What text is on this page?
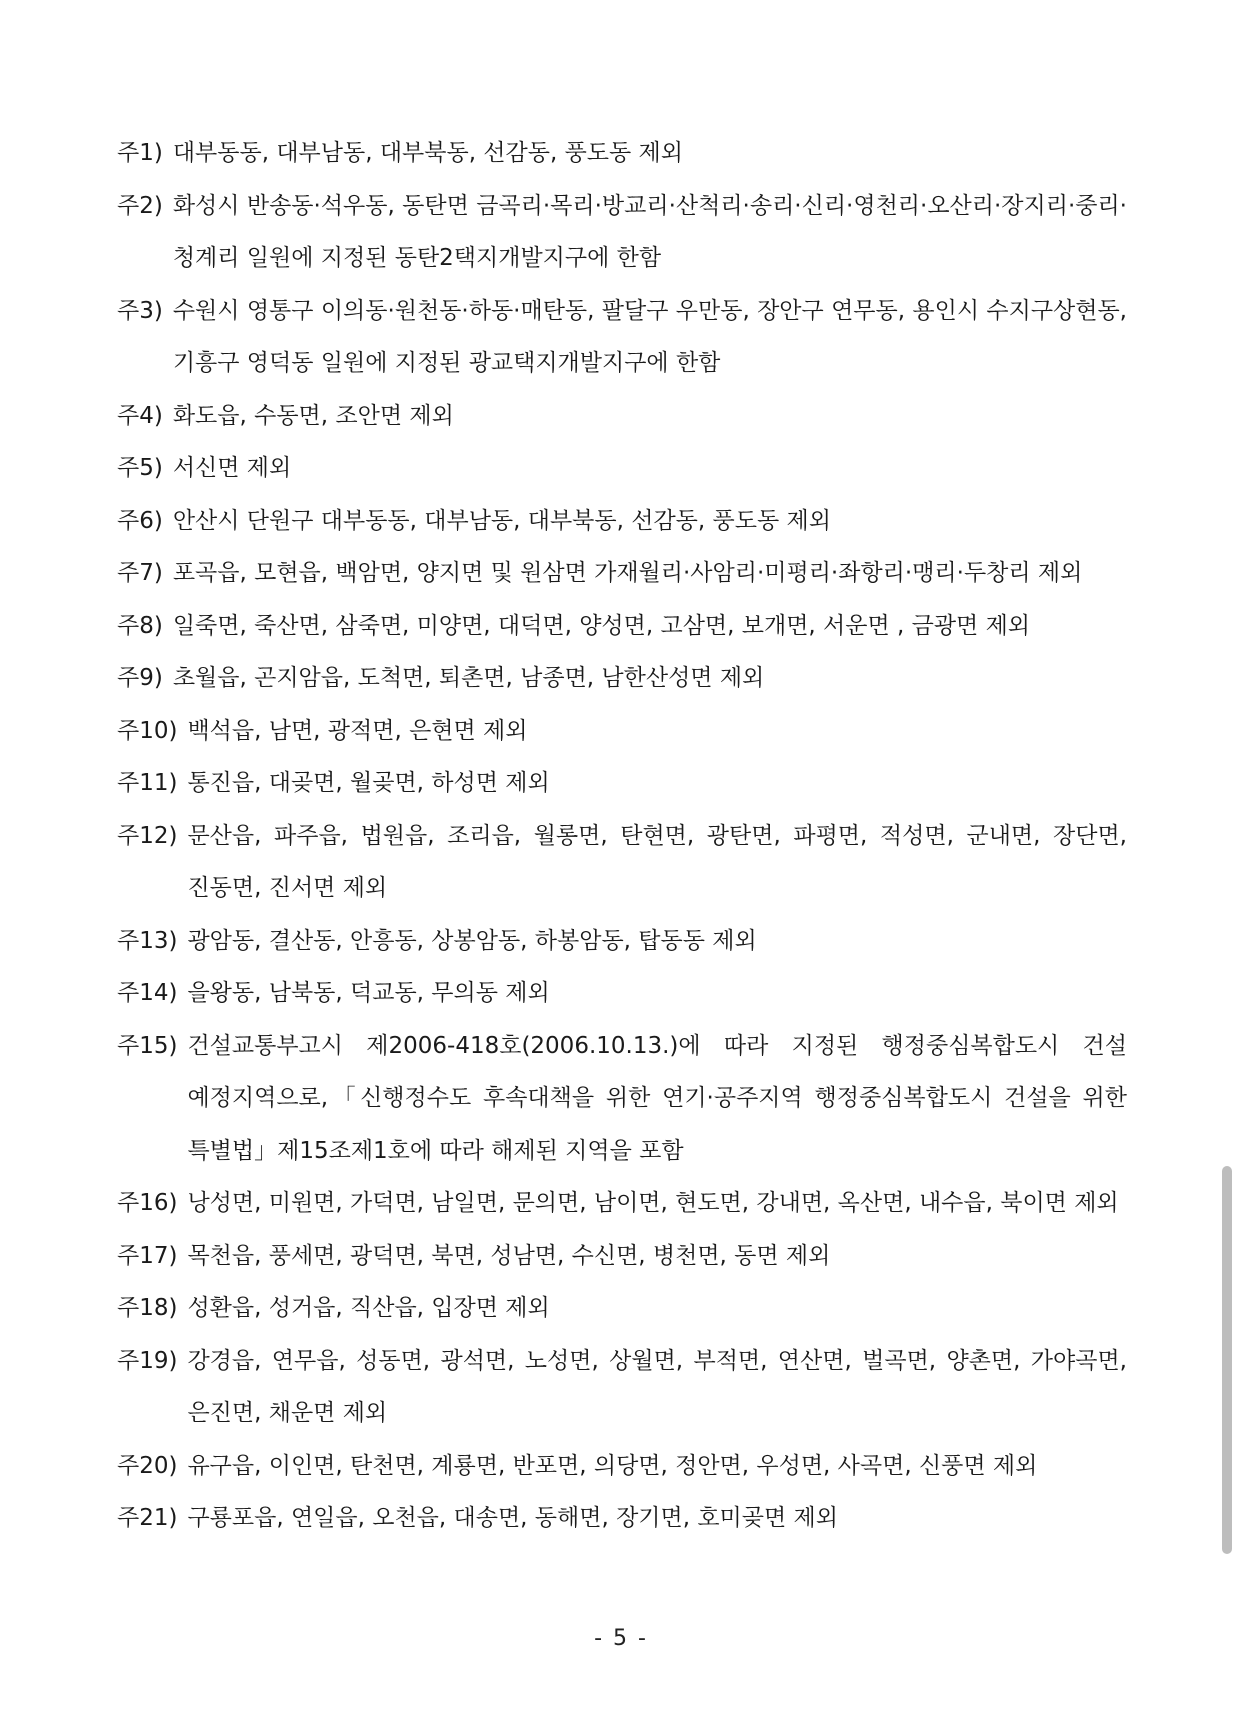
주1) 대부동동, 대부남동, 대부북동, 선감동, 풍도동 제외
주2) 화성시 반송동·석우동, 동탄면 금곡리·목리·방교리·산척리·송리·신리·영천리·오산리·장지리·중리·청계리 일원에 지정된 동탄2택지개발지구에 한함
주3) 수원시 영통구 이의동·원천동·하동·매탄동, 팔달구 우만동, 장안구 연무동, 용인시 수지구상현동, 기흥구 영덕동 일원에 지정된 광교택지개발지구에 한함
주4) 화도읍, 수동면, 조안면 제외
주5) 서신면 제외
주6) 안산시 단원구 대부동동, 대부남동, 대부북동, 선감동, 풍도동 제외
주7) 포곡읍, 모현읍, 백암면, 양지면 및 원삼면 가재월리·사암리·미평리·좌항리·맹리·두창리 제외
주8) 일죽면, 죽산면, 삼죽면, 미양면, 대덕면, 양성면, 고삼면, 보개면, 서운면 , 금광면 제외
주9) 초월읍, 곤지암읍, 도척면, 퇴촌면, 남종면, 남한산성면 제외
주10) 백석읍, 남면, 광적면, 은현면 제외
주11) 통진읍, 대곶면, 월곶면, 하성면 제외
주12) 문산읍, 파주읍, 법원읍, 조리읍, 월롱면, 탄현면, 광탄면, 파평면, 적성면, 군내면, 장단면, 진동면, 진서면 제외
주13) 광암동, 결산동, 안흥동, 상봉암동, 하봉암동, 탑동동 제외
주14) 을왕동, 남북동, 덕교동, 무의동 제외
주15) 건설교통부고시 제2006-418호(2006.10.13.)에 따라 지정된 행정중심복합도시 건설 예정지역으로,「신행정수도 후속대책을 위한 연기·공주지역 행정중심복합도시 건설을 위한 특별법」제15조제1호에 따라 해제된 지역을 포함
주16) 낭성면, 미원면, 가덕면, 남일면, 문의면, 남이면, 현도면, 강내면, 옥산면, 내수읍, 북이면 제외
주17) 목천읍, 풍세면, 광덕면, 북면, 성남면, 수신면, 병천면, 동면 제외
주18) 성환읍, 성거읍, 직산읍, 입장면 제외
주19) 강경읍, 연무읍, 성동면, 광석면, 노성면, 상월면, 부적면, 연산면, 벌곡면, 양촌면, 가야곡면, 은진면, 채운면 제외
주20) 유구읍, 이인면, 탄천면, 계룡면, 반포면, 의당면, 정안면, 우성면, 사곡면, 신풍면 제외
주21) 구룡포읍, 연일읍, 오천읍, 대송면, 동해면, 장기면, 호미곶면 제외
- 5 -
